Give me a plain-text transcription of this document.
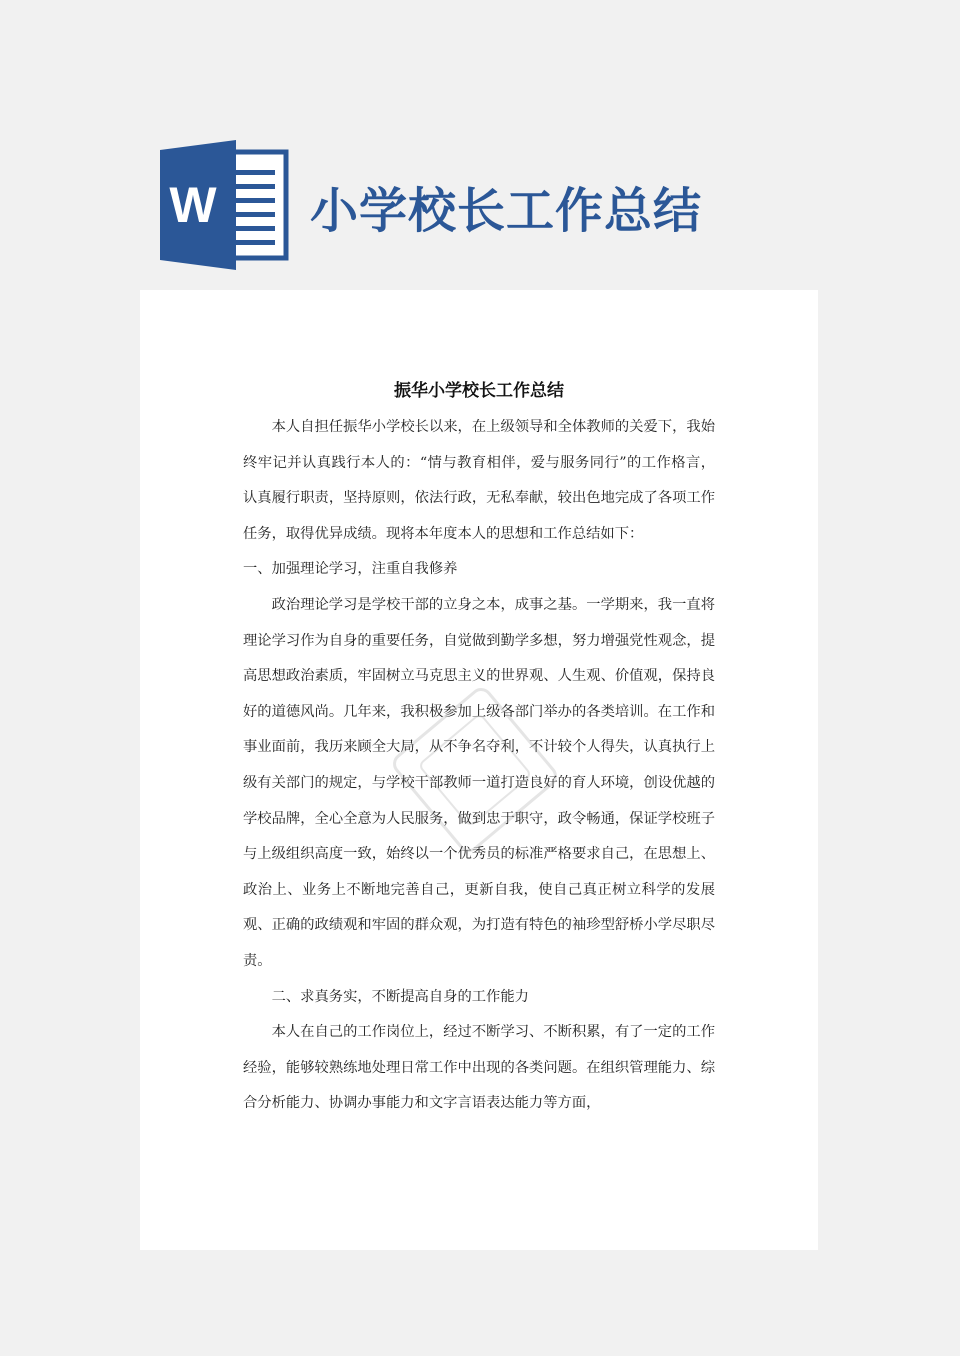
W 小学校长工作总结
振华小学校长工作总结

本人自担任振华小学校长以来，在上级领导和全体教师的关爱下，我始终牢记并认真践行本人的：“情与教育相伴，爱与服务同行”的工作格言，认真履行职责，坚持原则，依法行政，无私奉献，较出色地完成了各项工作任务，取得优异成绩。现将本年度本人的思想和工作总结如下：

一、加强理论学习，注重自我修养

政治理论学习是学校干部的立身之本，成事之基。一学期来，我一直将理论学习作为自身的重要任务，自觉做到勤学多想，努力增强党性观念，提高思想政治素质，牢固树立马克思主义的世界观、人生观、价值观，保持良好的道德风尚。几年来，我积极参加上级各部门举办的各类培训。在工作和事业面前，我历来顾全大局，从不争名夺利，不计较个人得失，认真执行上级有关部门的规定，与学校干部教师一道打造良好的育人环境，创设优越的学校品牌，全心全意为人民服务，做到忠于职守，政令畅通，保证学校班子与上级组织高度一致，始终以一个优秀员的标准严格要求自己，在思想上、政治上、业务上不断地完善自己，更新自我，使自己真正树立科学的发展观、正确的政绩观和牢固的群众观，为打造有特色的袖珍型舒桥小学尽职尽责。

二、求真务实，不断提高自身的工作能力

本人在自己的工作岗位上，经过不断学习、不断积累，有了一定的工作经验，能够较熟练地处理日常工作中出现的各类问题。在组织管理能力、综合分析能力、协调办事能力和文字言语表达能力等方面，
